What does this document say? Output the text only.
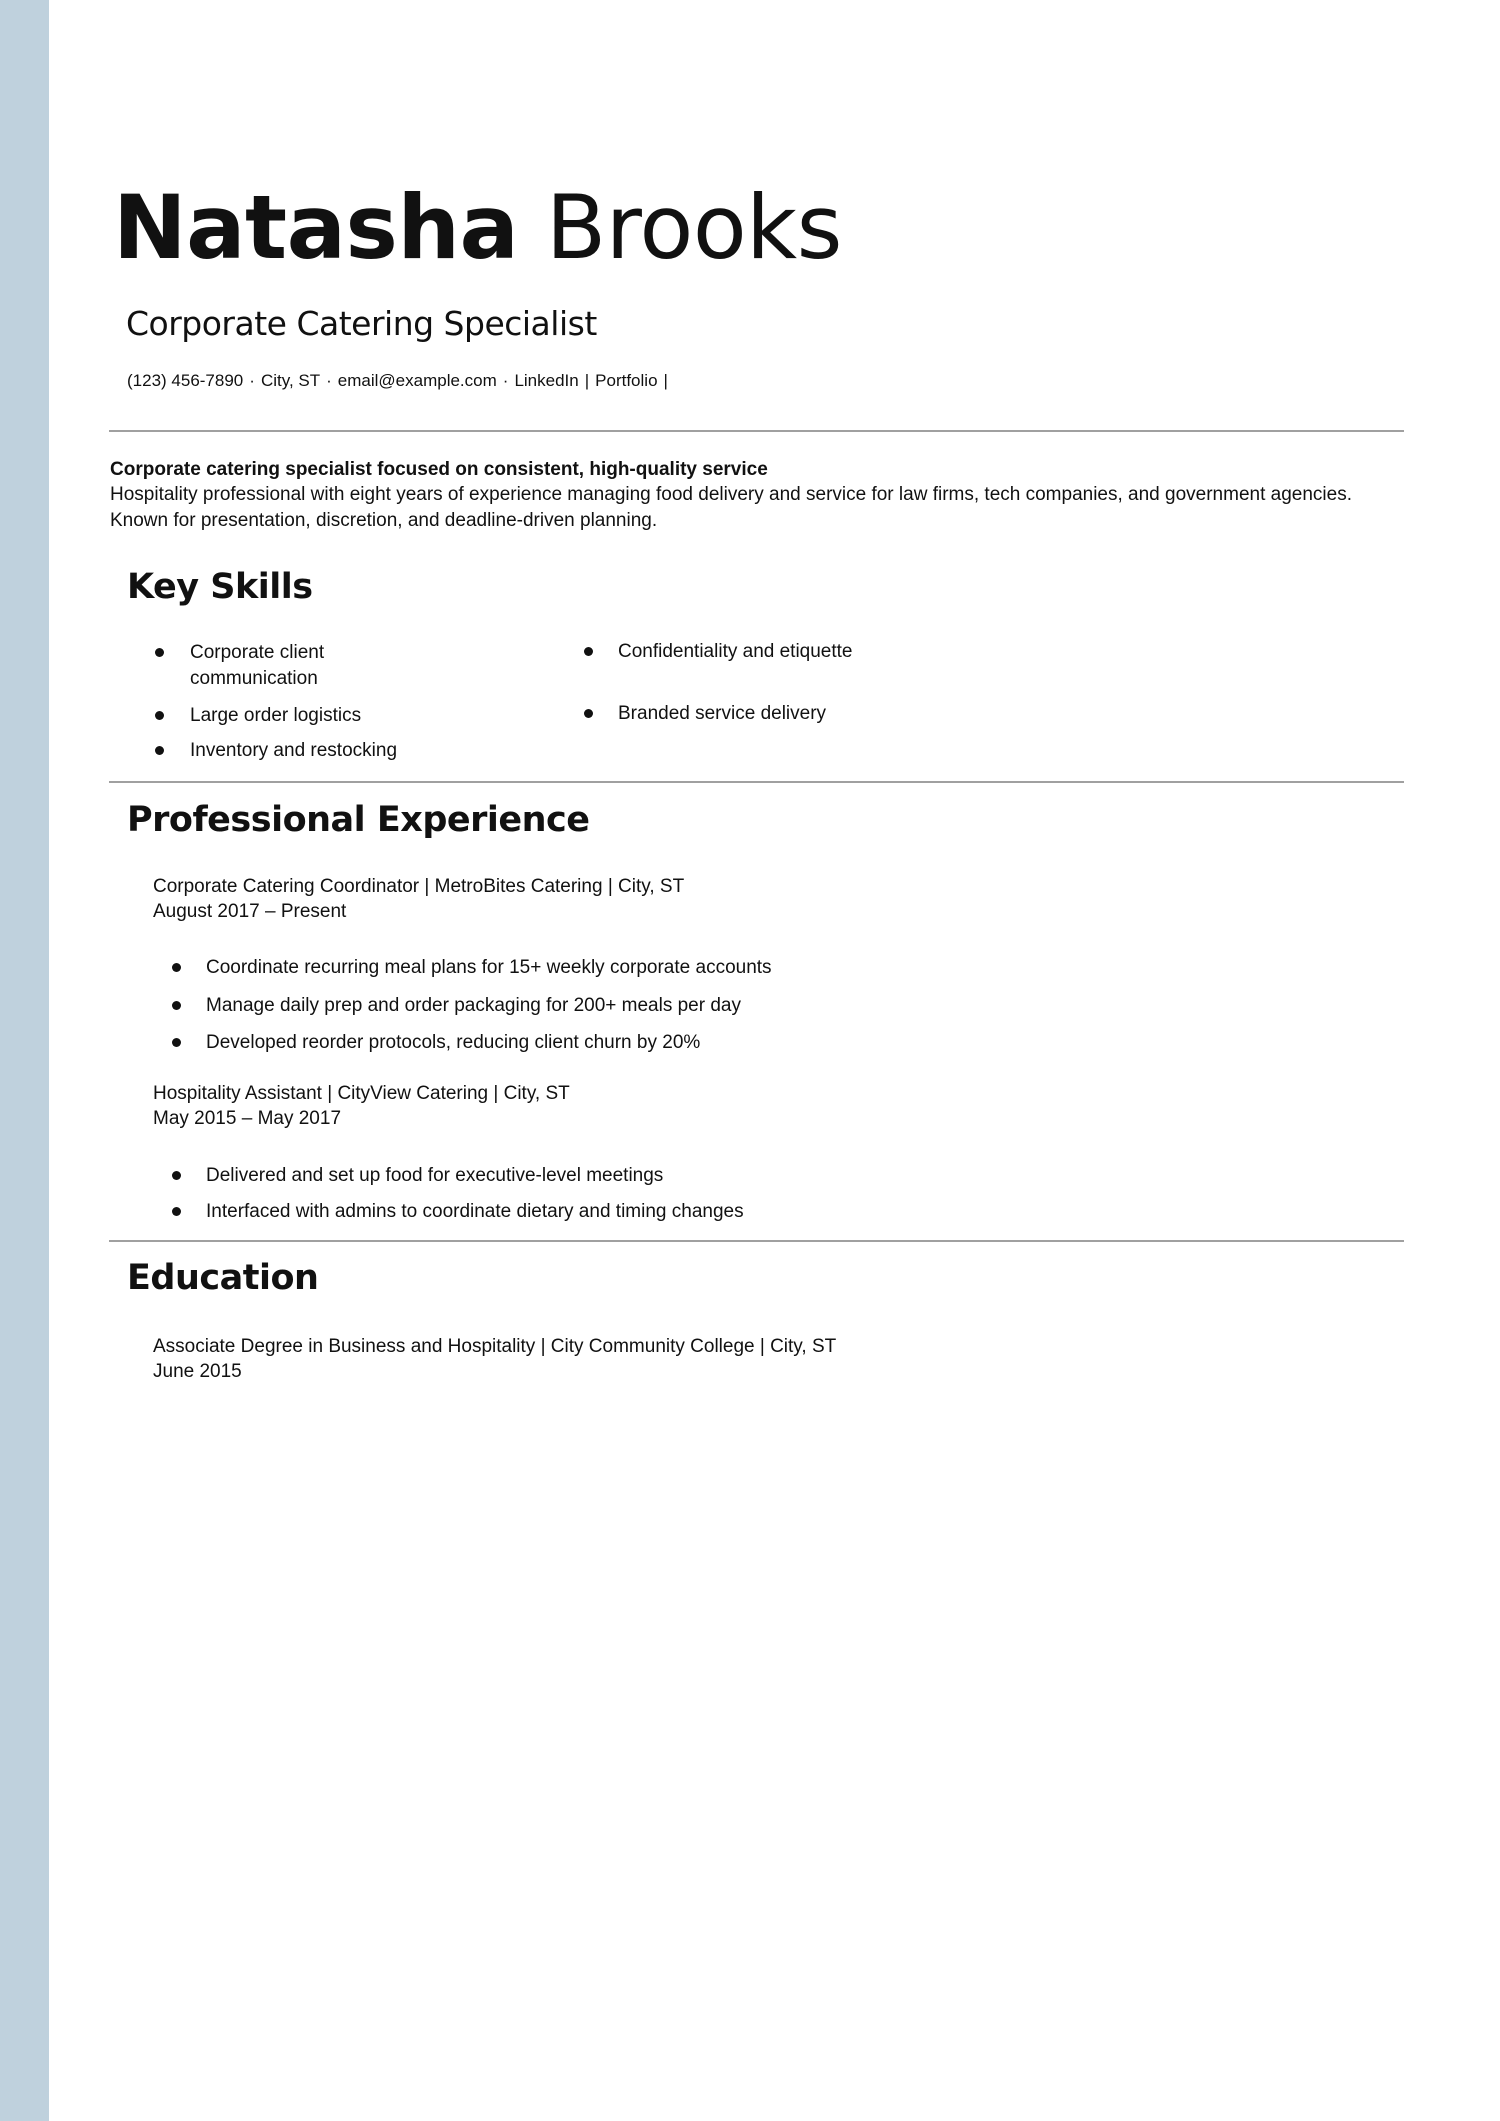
Natasha Brooks
Corporate Catering Specialist
(123) 456-7890 · City, ST · email@example.com · LinkedIn | Portfolio |
Corporate catering specialist focused on consistent, high-quality service
Hospitality professional with eight years of experience managing food delivery and service for law firms, tech companies, and government agencies. Known for presentation, discretion, and deadline-driven planning.
Key Skills
Corporate client communication
Large order logistics
Inventory and restocking
Confidentiality and etiquette
Branded service delivery
Professional Experience
Corporate Catering Coordinator | MetroBites Catering | City, ST
August 2017 – Present
Coordinate recurring meal plans for 15+ weekly corporate accounts
Manage daily prep and order packaging for 200+ meals per day
Developed reorder protocols, reducing client churn by 20%
Hospitality Assistant | CityView Catering | City, ST
May 2015 – May 2017
Delivered and set up food for executive-level meetings
Interfaced with admins to coordinate dietary and timing changes
Education
Associate Degree in Business and Hospitality | City Community College | City, ST
June 2015
